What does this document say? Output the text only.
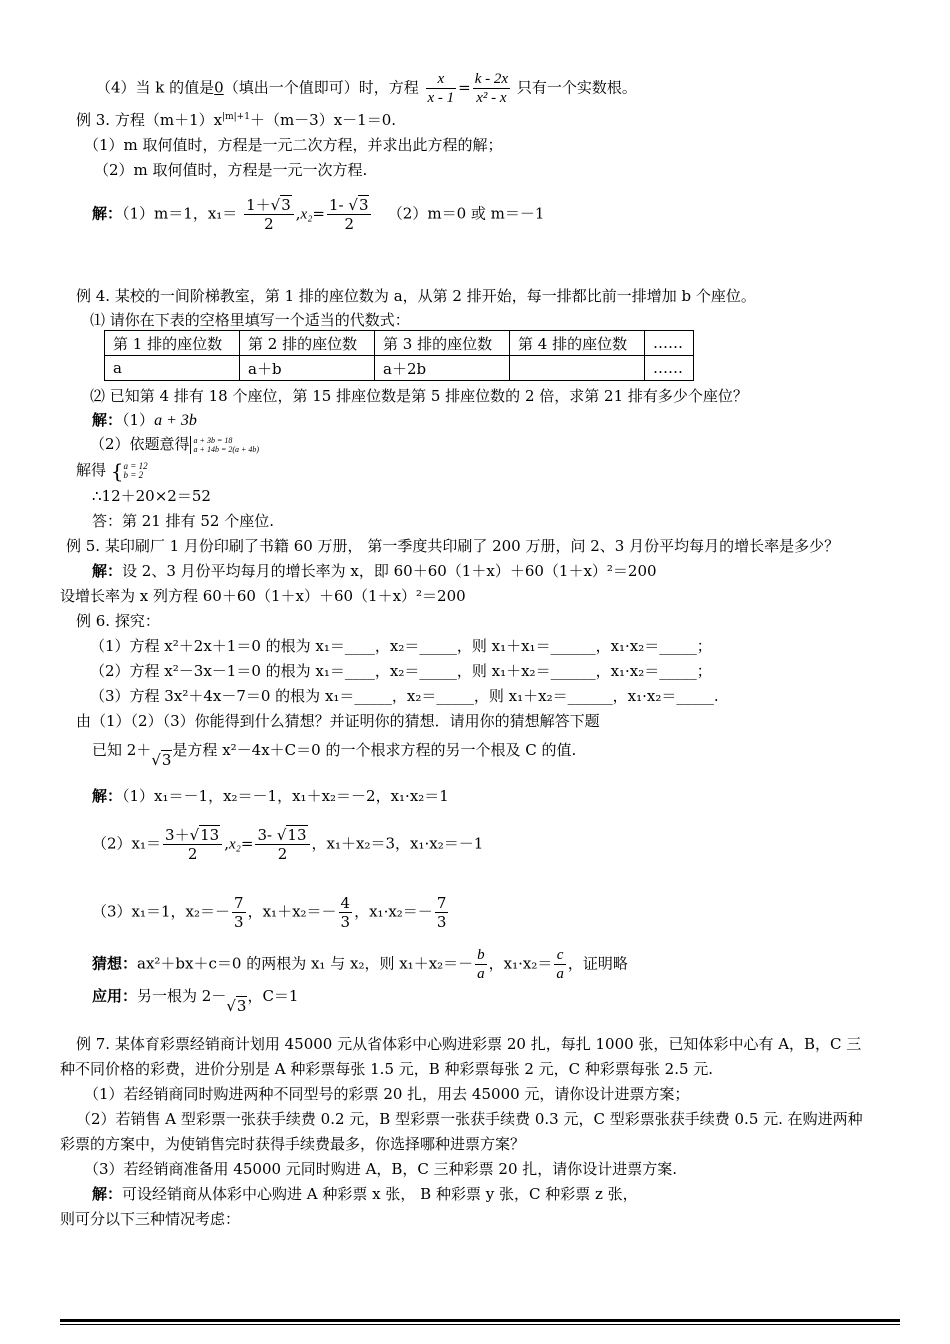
（4）当 k 的值是0（填出一个值即可）时，方程 $\frac{x}{x - 1} = \frac{k - 2x}{\text{x² - x}}$ 只有一个实数根。
例 3. 方程$(m+1)x^{|m|+1}+(m-3)x-1=0$.
（1）m 取何值时，方程是一元二次方程，并求出此方程的解；
（2）m 取何值时，方程是一元一次方程.
解：（1）m＝1，$x_1= \frac{1+√3}{2} ,x_2= \frac{1- √3}{2} (2)m=0$ 或 m＝－1
例 4. 某校的一间阶梯教室，第 1 排的座位数为 a，从第 2 排开始，每一排都比前一排增加 b 个座位。
⑴ 请你在下表的空格里填写一个适当的代数式：
第 1 排的座位数	第 2 排的座位数	第 3 排的座位数	第 4 排的座位数	……
a	a＋b	a＋2b		……
⑵ 已知第 4 排有 18 个座位，第 15 排座位数是第 5 排座位数的 2 倍，求第 21 排有多少个座位？
解：（1）a + 3b
（2）依题意得 a + 3b = 18
a + 14b = 2(a + 4b)
解得 { a = 12
b = 2
∴12＋20×2＝52
答：第 21 排有 52 个座位.
例 5. 某印刷厂 1 月份印刷了书籍 60 万册， 第一季度共印刷了 200 万册，问 2、3 月份平均每月的增长率是多少？
解：设 2、3 月份平均每月的增长率为 x，即 60＋60（1＋x）＋60（1＋x）²＝200
设增长率为 x 列方程 60＋60（1＋x）＋60（1＋x）²＝200
例 6. 探究：
（1）方程 x²＋2x＋1＝0 的根为 x₁＝____，x₂＝_____，则 x₁＋x₁＝______，x₁·x₂＝_____；
（2）方程 x²－3x－1＝0 的根为 x₁＝____，x₂＝_____，则 x₁＋x₂＝______，x₁·x₂＝_____；
（3）方程 3x²＋4x－7＝0 的根为 x₁＝_____，x₂＝_____，则 x₁＋x₂＝______，x₁·x₂＝_____.
由（1）（2）（3）你能得到什么猜想？并证明你的猜想．请用你的猜想解答下题
已知 2＋√3是方程 x²－4x＋C＝0 的一个根求方程的另一个根及 C 的值.
解：（1）x₁＝－1，x₂＝－1，x₁＋x₂＝－2，x₁·x₂＝1
$(2)x_1= \frac{3+√13}{2} ,x_2= \frac{3- √13}{2}$ ，x₁＋x₂＝3，x₁·x₂＝－1
（3）x₁＝1，$x_2=- \frac{7}{3}$ ，$x_1+x_2=- \frac{4}{3}$ ，$x_1\cdot x_2=- \frac{7}{3}$
猜想：ax²＋bx＋c＝0 的两根为 x₁ 与 x₂，则 $x_1+x_2=- \frac{b}{a}$ ，$x_1\cdot x_2= \frac{c}{a}$ ，证明略
应用：另一根为 2－√3，C＝1
例 7. 某体育彩票经销商计划用 45000 元从省体彩中心购进彩票 20 扎，每扎 1000 张，已知体彩中心有 A，B，C 三
种不同价格的彩费，进价分别是 A 种彩票每张 1.5 元，B 种彩票每张 2 元，C 种彩票每张 2.5 元.
（1）若经销商同时购进两种不同型号的彩票 20 扎，用去 45000 元，请你设计进票方案；
（2）若销售 A 型彩票一张获手续费 0.2 元，B 型彩票一张获手续费 0.3 元，C 型彩票张获手续费 0.5 元. 在购进两种
彩票的方案中，为使销售完时获得手续费最多，你选择哪种进票方案？
（3）若经销商准备用 45000 元同时购进 A，B，C 三种彩票 20 扎，请你设计进票方案.
解：可设经销商从体彩中心购进 A 种彩票 x 张， B 种彩票 y 张，C 种彩票 z 张，
则可分以下三种情况考虑：
